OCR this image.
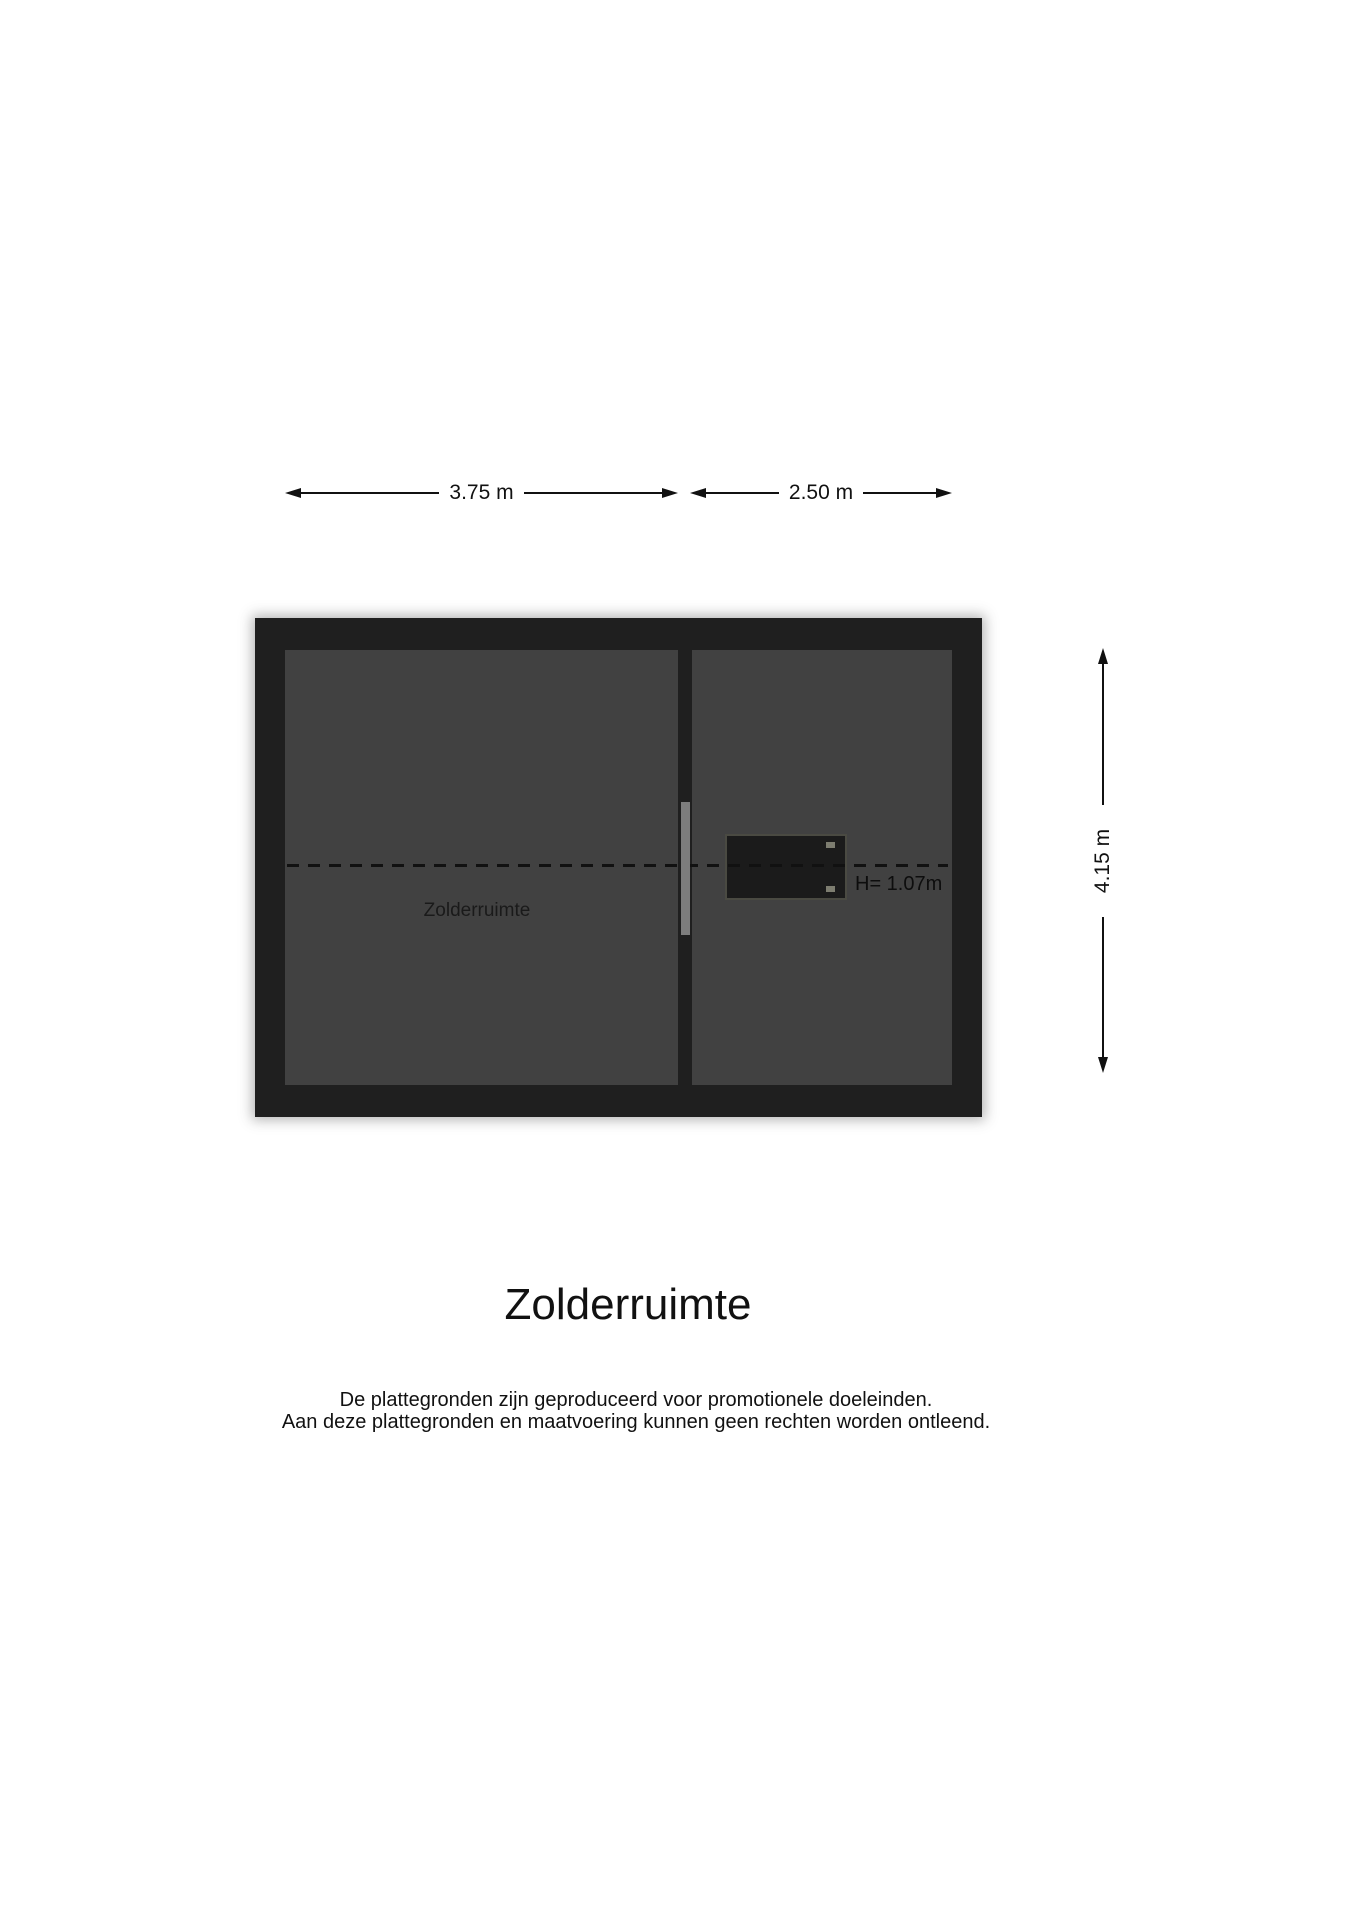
3.75 m	2.50 m
Zolderruimte
H= 1.07m	4.15 m
Zolderruimte
De plattegronden zijn geproduceerd voor promotionele doeleinden.
Aan deze plattegronden en maatvoering kunnen geen rechten worden ontleend.
